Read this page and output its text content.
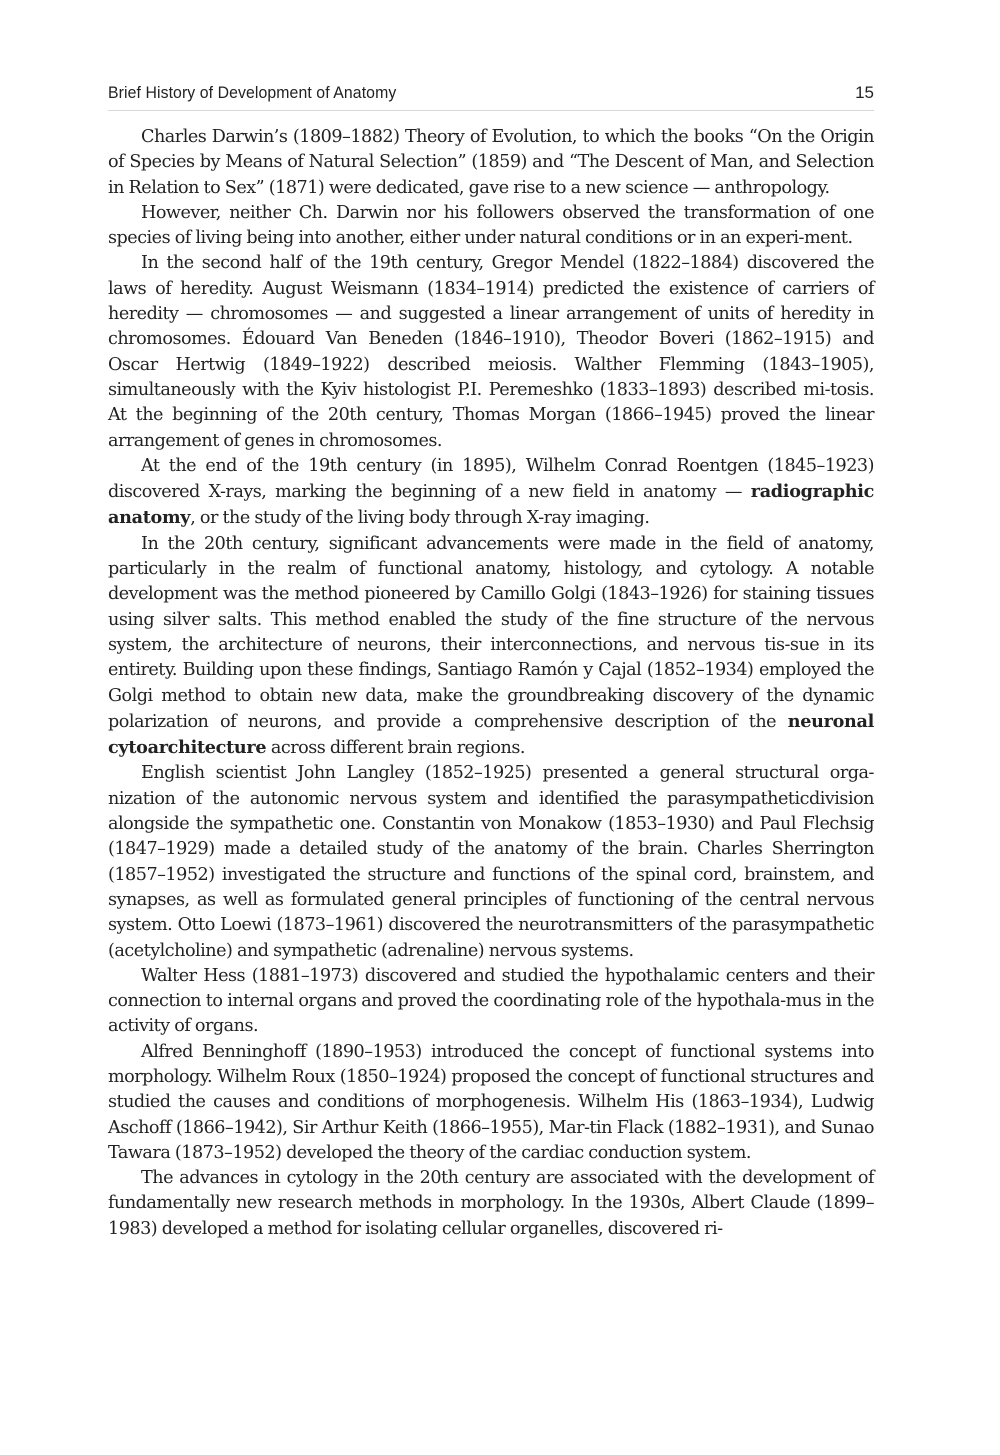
Brief History of Development of Anatomy	15

Charles Darwin’s (1809–1882) Theory of Evolution, to which the books “On the Origin of Species by Means of Natural Selection” (1859) and “The Descent of Man, and Selection in Relation to Sex” (1871) were dedicated, gave rise to a new science — anthropology.

However, neither Ch. Darwin nor his followers observed the transformation of one species of living being into another, either under natural conditions or in an experi-ment.

In the second half of the 19th century, Gregor Mendel (1822–1884) discovered the laws of heredity. August Weismann (1834–1914) predicted the existence of carriers of heredity — chromosomes — and suggested a linear arrangement of units of heredity in chromosomes. Édouard Van Beneden (1846–1910), Theodor Boveri (1862–1915) and Oscar Hertwig (1849–1922) described meiosis. Walther Flemming (1843–1905), simultaneously with the Kyiv histologist P.I. Peremeshko (1833–1893) described mi-tosis. At the beginning of the 20th century, Thomas Morgan (1866–1945) proved the linear arrangement of genes in chromosomes.

At the end of the 19th century (in 1895), Wilhelm Conrad Roentgen (1845–1923) discovered X-rays, marking the beginning of a new field in anatomy — radiographic anatomy, or the study of the living body through X-ray imaging.

In the 20th century, significant advancements were made in the field of anatomy, particularly in the realm of functional anatomy, histology, and cytology. A notable development was the method pioneered by Camillo Golgi (1843–1926) for staining tissues using silver salts. This method enabled the study of the fine structure of the nervous system, the architecture of neurons, their interconnections, and nervous tis-sue in its entirety. Building upon these findings, Santiago Ramón y Cajal (1852–1934) employed the Golgi method to obtain new data, make the groundbreaking discovery of the dynamic polarization of neurons, and provide a comprehensive description of the neuronal cytoarchitecture across different brain regions.

English scientist John Langley (1852–1925) presented a general structural orga-nization of the autonomic nervous system and identified the parasympatheticdivision alongside the sympathetic one. Constantin von Monakow (1853–1930) and Paul Flechsig (1847–1929) made a detailed study of the anatomy of the brain. Charles Sherrington (1857–1952) investigated the structure and functions of the spinal cord, brainstem, and synapses, as well as formulated general principles of functioning of the central nervous system. Otto Loewi (1873–1961) discovered the neurotransmitters of the parasympathetic (acetylcholine) and sympathetic (adrenaline) nervous systems.

Walter Hess (1881–1973) discovered and studied the hypothalamic centers and their connection to internal organs and proved the coordinating role of the hypothala-mus in the activity of organs.

Alfred Benninghoff (1890–1953) introduced the concept of functional systems into morphology. Wilhelm Roux (1850–1924) proposed the concept of functional structures and studied the causes and conditions of morphogenesis. Wilhelm His (1863–1934), Ludwig Aschoff (1866–1942), Sir Arthur Keith (1866–1955), Mar-tin Flack (1882–1931), and Sunao Tawara (1873–1952) developed the theory of the cardiac conduction system.

The advances in cytology in the 20th century are associated with the development of fundamentally new research methods in morphology. In the 1930s, Albert Claude (1899–1983) developed a method for isolating cellular organelles, discovered ri-
